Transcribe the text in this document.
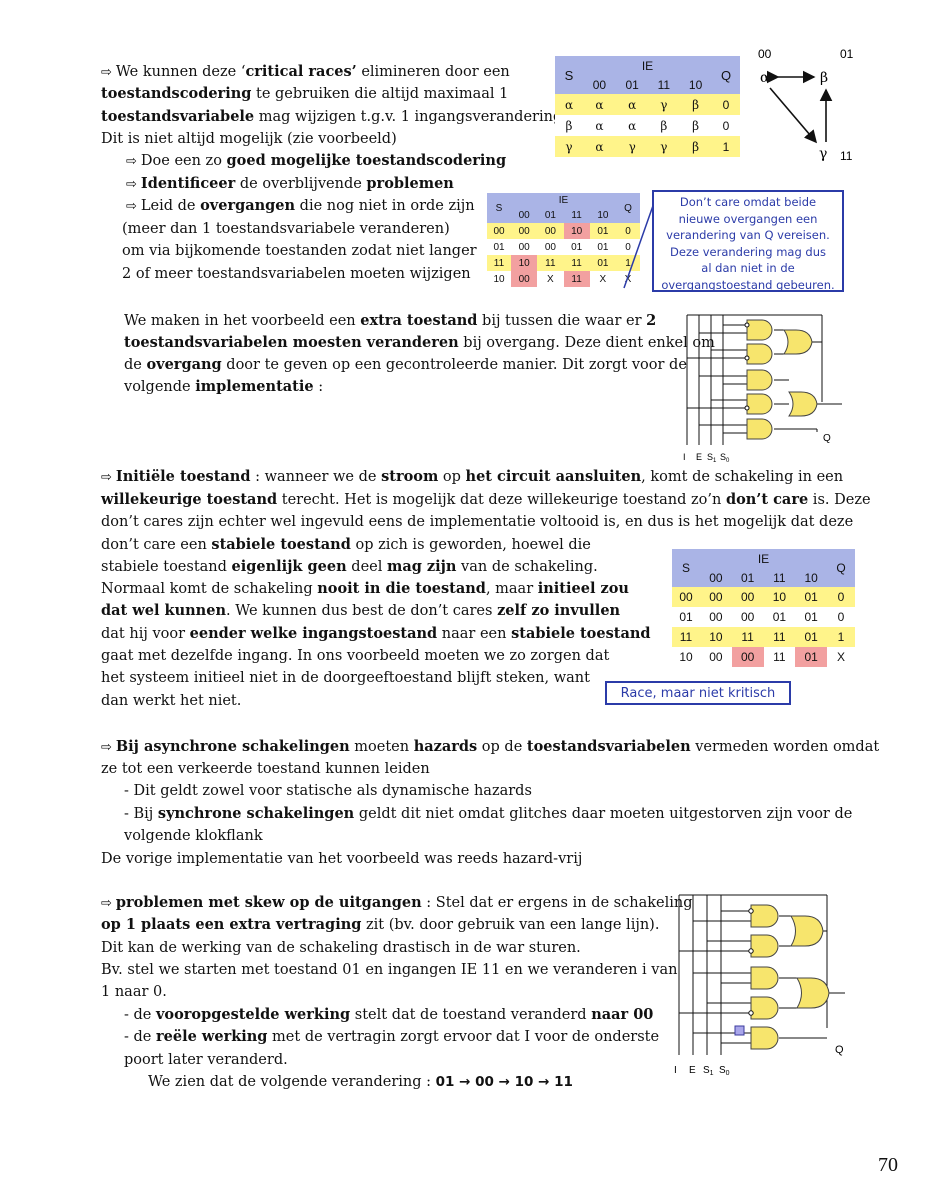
⇨ We kunnen deze ‘critical races’ elimineren door een
toestandscodering te gebruiken die altijd maximaal 1
toestandsvariabele mag wijzigen t.g.v. 1 ingangsverandering.
Dit is niet altijd mogelijk (zie voorbeeld)
⇨ Doe een zo goed mogelijke toestandscodering
⇨ Identificeer de overblijvende problemen
⇨ Leid de overgangen die nog niet in orde zijn
(meer dan 1 toestandsvariabele veranderen)
om via bijkomende toestanden zodat niet langer
2 of meer toestandsvariabelen moeten wijzigen
S	IE				Q
	00	01	11	10	
α	α	α	γ	β	0
β	α	α	β	β	0
γ	α	γ	γ	β	1
00	01
11
α	β
γ
S	IE				Q
	00	01	11	10	
00	00	00	10	01	0
01	00	00	01	01	0
11	10	11	11	01	1
10	00	X	11	X	X
Don’t care omdat beide
nieuwe overgangen een
verandering van Q vereisen.
Deze verandering mag dus
al dan niet in de
overgangstoestand gebeuren.
We maken in het voorbeeld een extra toestand bij tussen die waar er 2
toestandsvariabelen moesten veranderen bij overgang. Deze dient enkel om
de overgang door te geven op een gecontroleerde manier. Dit zorgt voor de
volgende implementatie :
I E $S_1$ $S_0$
Q
⇨ Initiële toestand : wanneer we de stroom op het circuit aansluiten, komt de schakeling in een
willekeurige toestand terecht. Het is mogelijk dat deze willekeurige toestand zo’n don’t care is. Deze
don’t cares zijn echter wel ingevuld eens de implementatie voltooid is, en dus is het mogelijk dat deze
don’t care een stabiele toestand op zich is geworden, hoewel die
stabiele toestand eigenlijk geen deel mag zijn van de schakeling.
Normaal komt de schakeling nooit in die toestand, maar initieel zou
dat wel kunnen. We kunnen dus best de don’t cares zelf zo invullen
dat hij voor eender welke ingangstoestand naar een stabiele toestand
gaat met dezelfde ingang. In ons voorbeeld moeten we zo zorgen dat
het systeem initieel niet in de doorgeeftoestand blijft steken, want
dan werkt het niet.
S	IE				Q
	00	01	11	10	
00	00	00	10	01	0
01	00	00	01	01	0
11	10	11	11	01	1
10	00	00	11	01	X
Race, maar niet kritisch
⇨ Bij asynchrone schakelingen moeten hazards op de toestandsvariabelen vermeden worden omdat
ze tot een verkeerde toestand kunnen leiden
- Dit geldt zowel voor statische als dynamische hazards
- Bij synchrone schakelingen geldt dit niet omdat glitches daar moeten uitgestorven zijn voor de
volgende klokflank
De vorige implementatie van het voorbeeld was reeds hazard-vrij
⇨ problemen met skew op de uitgangen : Stel dat er ergens in de schakeling
op 1 plaats een extra vertraging zit (bv. door gebruik van een lange lijn).
Dit kan de werking van de schakeling drastisch in de war sturen.
Bv. stel we starten met toestand 01 en ingangen IE 11 en we veranderen i van
1 naar 0.
- de vooropgestelde werking stelt dat de toestand veranderd naar 00
- de reële werking met de vertragin zorgt ervoor dat I voor de onderste
poort later veranderd.
We zien dat de volgende verandering : 01 → 00 → 10 → 11
I E $S_1$ $S_0$
Q
70
